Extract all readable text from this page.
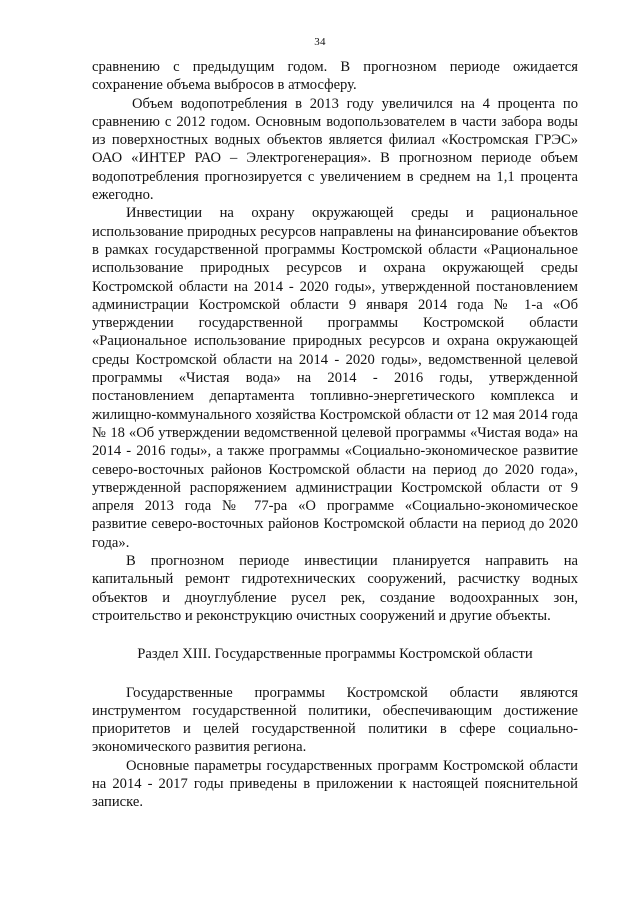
34

сравнению с предыдущим годом. В прогнозном периоде ожидается сохранение объема выбросов в атмосферу.

Объем водопотребления в 2013 году увеличился на 4 процента по сравнению с 2012 годом. Основным водопользователем в части забора воды из поверхностных водных объектов является филиал «Костромская ГРЭС» ОАО «ИНТЕР РАО – Электрогенерация». В прогнозном периоде объем водопотребления прогнозируется с увеличением в среднем на 1,1 процента ежегодно.

Инвестиции на охрану окружающей среды и рациональное использование природных ресурсов направлены на финансирование объектов в рамках государственной программы Костромской области «Рациональное использование природных ресурсов и охрана окружающей среды Костромской области на 2014 - 2020 годы», утвержденной постановлением администрации Костромской области 9 января 2014 года № 1-а «Об утверждении государственной программы Костромской области «Рациональное использование природных ресурсов и охрана окружающей среды Костромской области на 2014 - 2020 годы», ведомственной целевой программы «Чистая вода» на 2014 - 2016 годы, утвержденной постановлением департамента топливно-энергетического комплекса и жилищно-коммунального хозяйства Костромской области от 12 мая 2014 года № 18 «Об утверждении ведомственной целевой программы «Чистая вода» на 2014 - 2016 годы», а также программы «Социально-экономическое развитие северо-восточных районов Костромской области на период до 2020 года», утвержденной распоряжением администрации Костромской области от 9 апреля 2013 года № 77-ра «О программе «Социально-экономическое развитие северо-восточных районов Костромской области на период до 2020 года».

В прогнозном периоде инвестиции планируется направить на капитальный ремонт гидротехнических сооружений, расчистку водных объектов и дноуглубление русел рек, создание водоохранных зон, строительство и реконструкцию очистных сооружений и другие объекты.

Раздел XIII. Государственные программы Костромской области

Государственные программы Костромской области являются инструментом государственной политики, обеспечивающим достижение приоритетов и целей государственной политики в сфере социально-экономического развития региона.

Основные параметры государственных программ Костромской области на 2014 - 2017 годы приведены в приложении к настоящей пояснительной записке.
